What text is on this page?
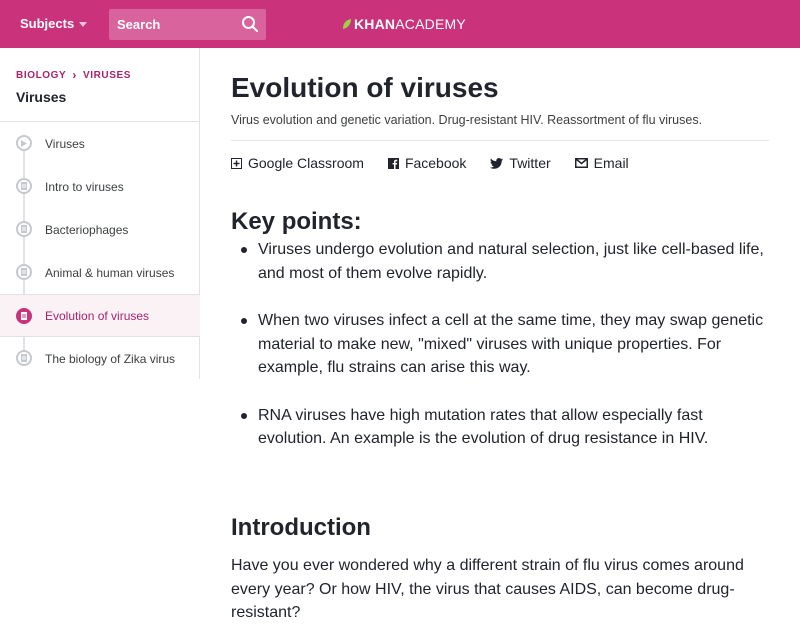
Subjects	Search	KHAN ACADEMY
BIOLOGY › VIRUSES
Viruses
Viruses
Intro to viruses
Bacteriophages
Animal & human viruses
Evolution of viruses
The biology of Zika virus
Evolution of viruses

Virus evolution and genetic variation. Drug-resistant HIV. Reassortment of flu viruses.

Google Classroom	Facebook	Twitter	Email
Key points:
Viruses undergo evolution and natural selection, just like cell-based life, and most of them evolve rapidly.
When two viruses infect a cell at the same time, they may swap genetic material to make new, "mixed" viruses with unique properties. For example, flu strains can arise this way.
RNA viruses have high mutation rates that allow especially fast evolution. An example is the evolution of drug resistance in HIV.
Introduction

Have you ever wondered why a different strain of flu virus comes around every year? Or how HIV, the virus that causes AIDS, can become drug-resistant?
